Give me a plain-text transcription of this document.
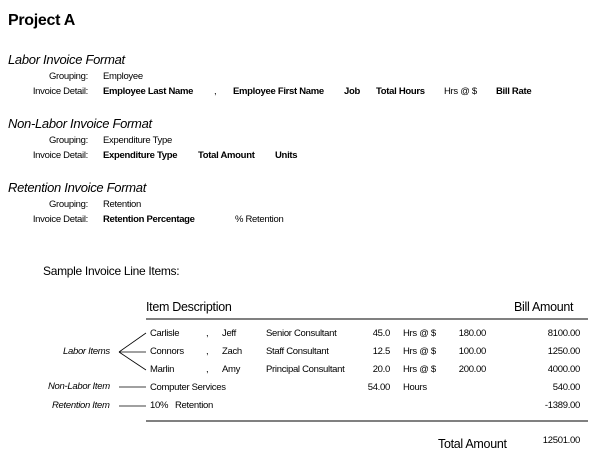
Project A
Labor Invoice Format
Grouping: Employee
Invoice Detail: Employee Last Name , Employee First Name Job Total Hours Hrs @ $ Bill Rate
Non-Labor Invoice Format
Grouping: Expenditure Type
Invoice Detail: Expenditure Type Total Amount Units
Retention Invoice Format
Grouping: Retention
Invoice Detail: Retention Percentage	% Retention
Sample Invoice Line Items:
Item Description	Bill Amount
Labor Items
Non-Labor Item
Retention Item
Carlisle	, Jeff	Senior Consultant	45.0 Hrs @ $	180.00	8100.00
Connors , Zach	Staff Consultant	12.5 Hrs @ $	100.00	1250.00
Marlin	, Amy	Principal Consultant	20.0 Hrs @ $	200.00	4000.00
Computer Services	54.00 Hours	540.00
10% Retention	-1389.00
Total Amount	12501.00
